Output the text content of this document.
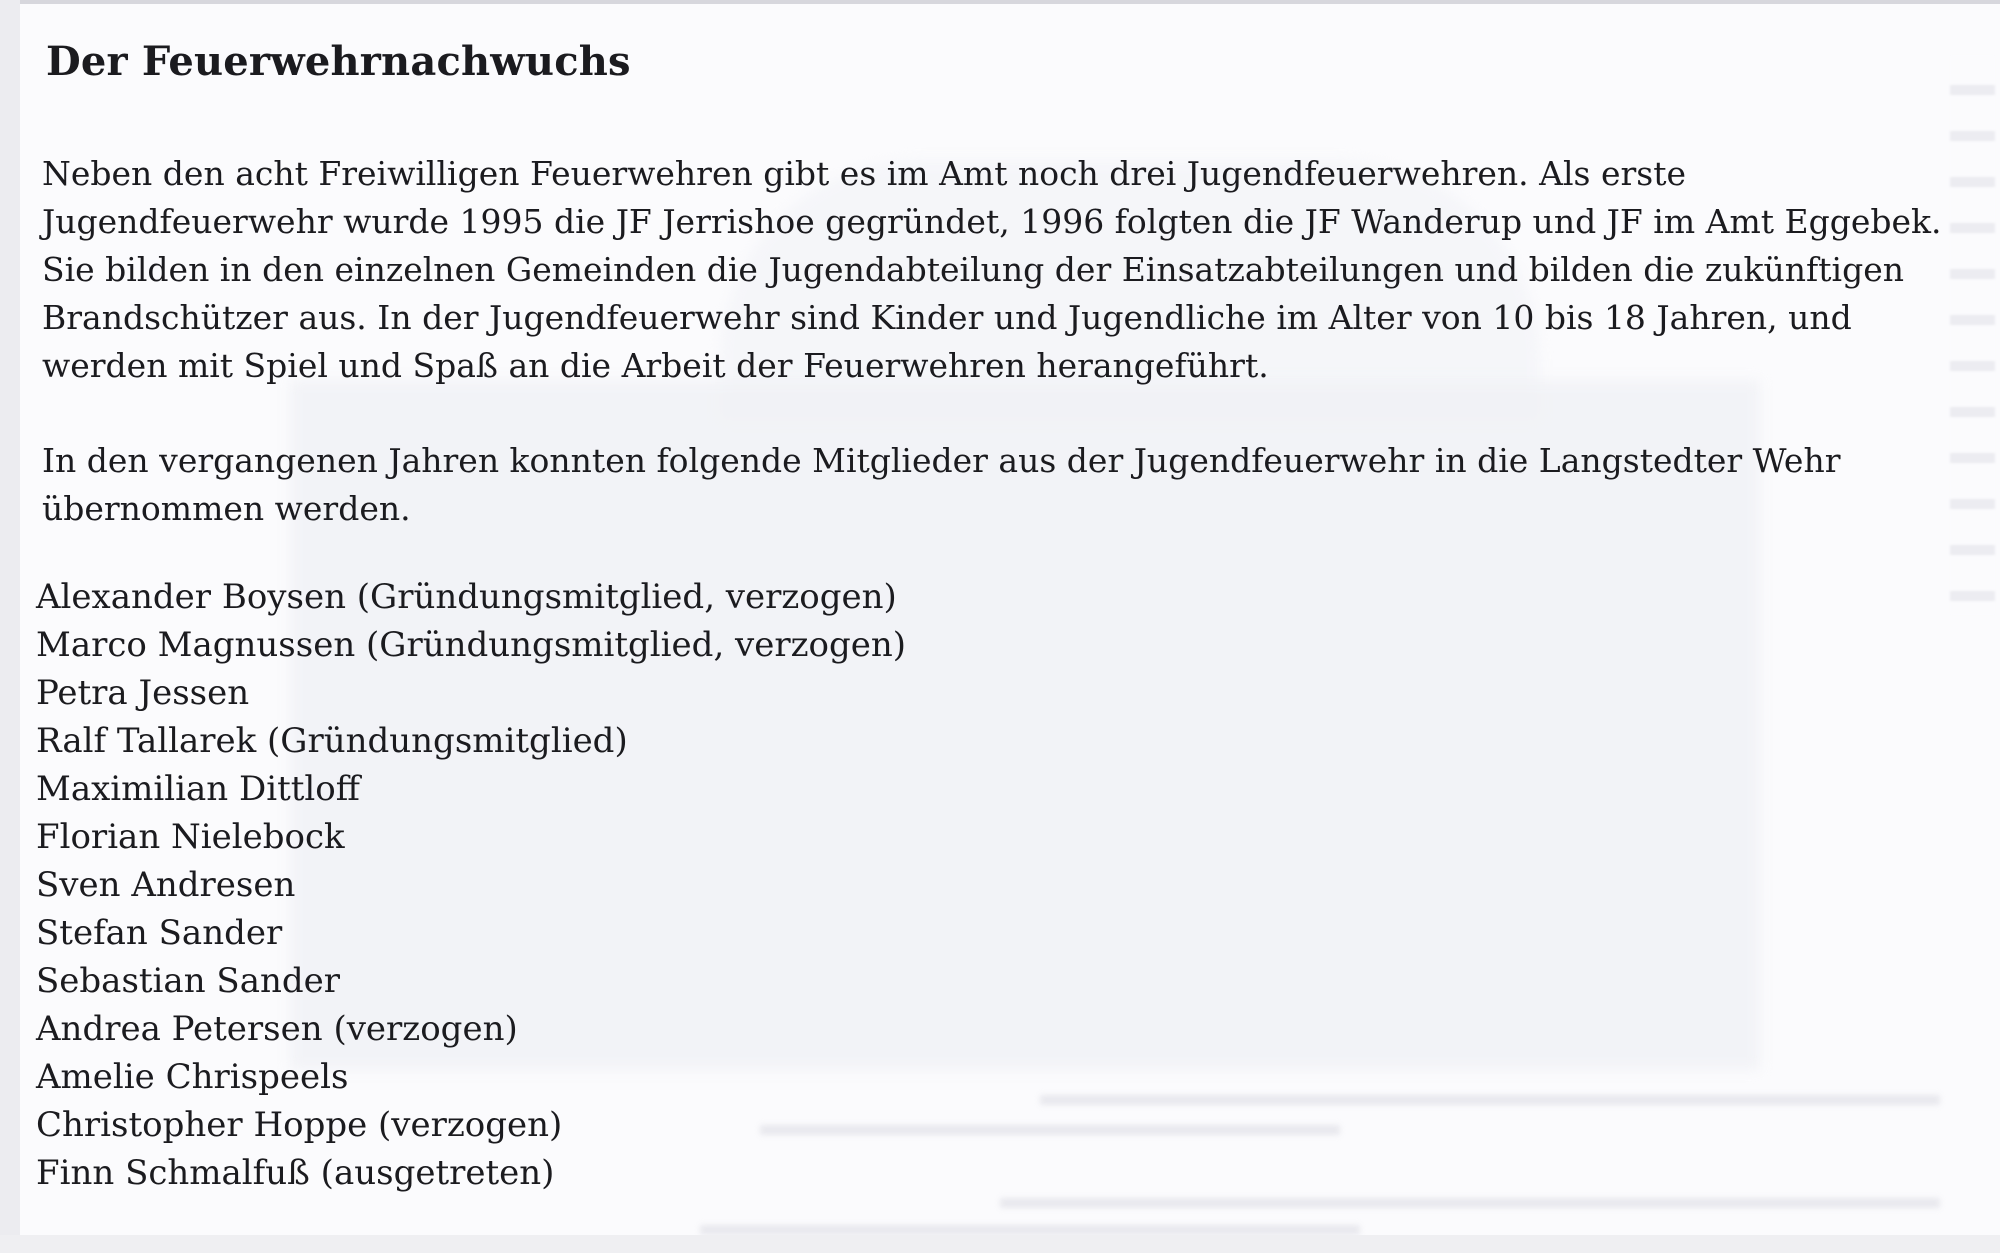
Der Feuerwehrnachwuchs

Neben den acht Freiwilligen Feuerwehren gibt es im Amt noch drei Jugendfeuerwehren. Als erste Jugendfeuerwehr wurde 1995 die JF Jerrishoe gegründet, 1996 folgten die JF Wanderup und JF im Amt Eggebek. Sie bilden in den einzelnen Gemeinden die Jugendabteilung der Einsatzabteilungen und bilden die zukünftigen Brandschützer aus. In der Jugendfeuerwehr sind Kinder und Jugendliche im Alter von 10 bis 18 Jahren, und werden mit Spiel und Spaß an die Arbeit der Feuerwehren herangeführt.

In den vergangenen Jahren konnten folgende Mitglieder aus der Jugendfeuerwehr in die Langstedter Wehr übernommen werden.

Alexander Boysen (Gründungsmitglied, verzogen)
Marco Magnussen (Gründungsmitglied, verzogen)
Petra Jessen
Ralf Tallarek (Gründungsmitglied)
Maximilian Dittloff
Florian Nielebock
Sven Andresen
Stefan Sander
Sebastian Sander
Andrea Petersen (verzogen)
Amelie Chrispeels
Christopher Hoppe (verzogen)
Finn Schmalfuß (ausgetreten)
